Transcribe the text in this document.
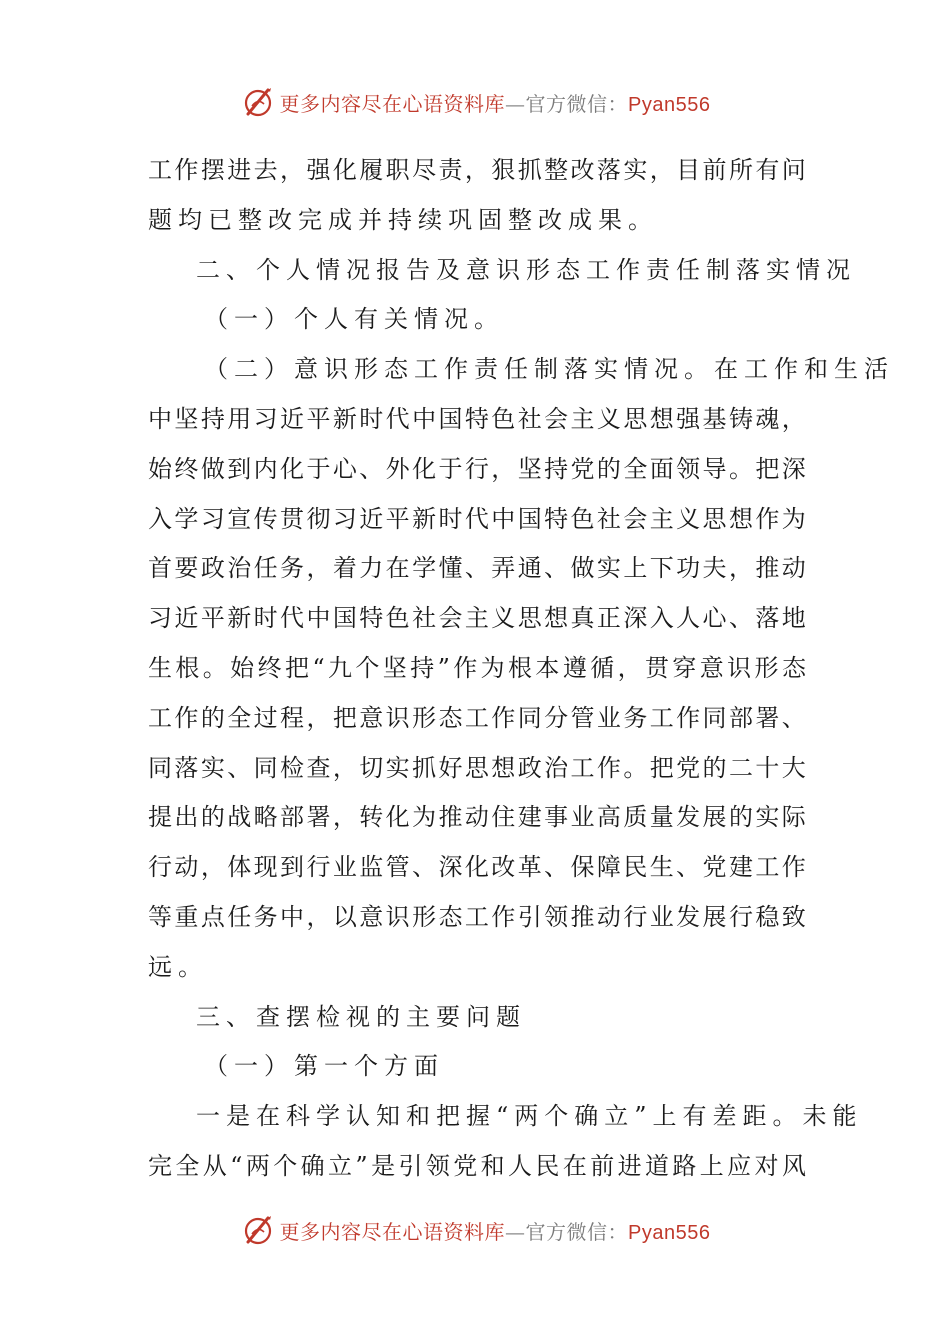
更多内容尽在心语资料库—官方微信：Pyan556
工 作 摆 进 去 ， 强 化 履 职 尽 责 ， 狠 抓 整 改 落 实 ， 目 前 所 有 问
题均已整改完成并持续巩固整改成果。
二、个人情况报告及意识形态工作责任制落实情况
（一）个人有关情况。
（二）意识形态工作责任制落实情况。在工作和生活
中 坚 持 用 习 近 平 新 时 代 中 国 特 色 社 会 主 义 思 想 强 基 铸 魂 ，
始 终 做 到 内 化 于 心 、 外 化 于 行 ， 坚 持 党 的 全 面 领 导 。 把 深
入 学 习 宣 传 贯 彻 习 近 平 新 时 代 中 国 特 色 社 会 主 义 思 想 作 为
首 要 政 治 任 务 ， 着 力 在 学 懂 、 弄 通 、 做 实 上 下 功 夫 ， 推 动
习 近 平 新 时 代 中 国 特 色 社 会 主 义 思 想 真 正 深 入 人 心 、 落 地
生 根 。 始 终 把 “ 九 个 坚 持 ” 作 为 根 本 遵 循 ， 贯 穿 意 识 形 态
工 作 的 全 过 程 ， 把 意 识 形 态 工 作 同 分 管 业 务 工 作 同 部 署 、
同 落 实 、 同 检 查 ， 切 实 抓 好 思 想 政 治 工 作 。 把 党 的 二 十 大
提 出 的 战 略 部 署 ， 转 化 为 推 动 住 建 事 业 高 质 量 发 展 的 实 际
行 动 ， 体 现 到 行 业 监 管 、 深 化 改 革 、 保 障 民 生 、 党 建 工 作
等 重 点 任 务 中 ， 以 意 识 形 态 工 作 引 领 推 动 行 业 发 展 行 稳 致
远。
三、查摆检视的主要问题
（一）第一个方面
一是在科学认知和把握“两个确立”上有差距。未能
完 全 从 “ 两 个 确 立 ” 是 引 领 党 和 人 民 在 前 进 道 路 上 应 对 风
更多内容尽在心语资料库—官方微信：Pyan556
